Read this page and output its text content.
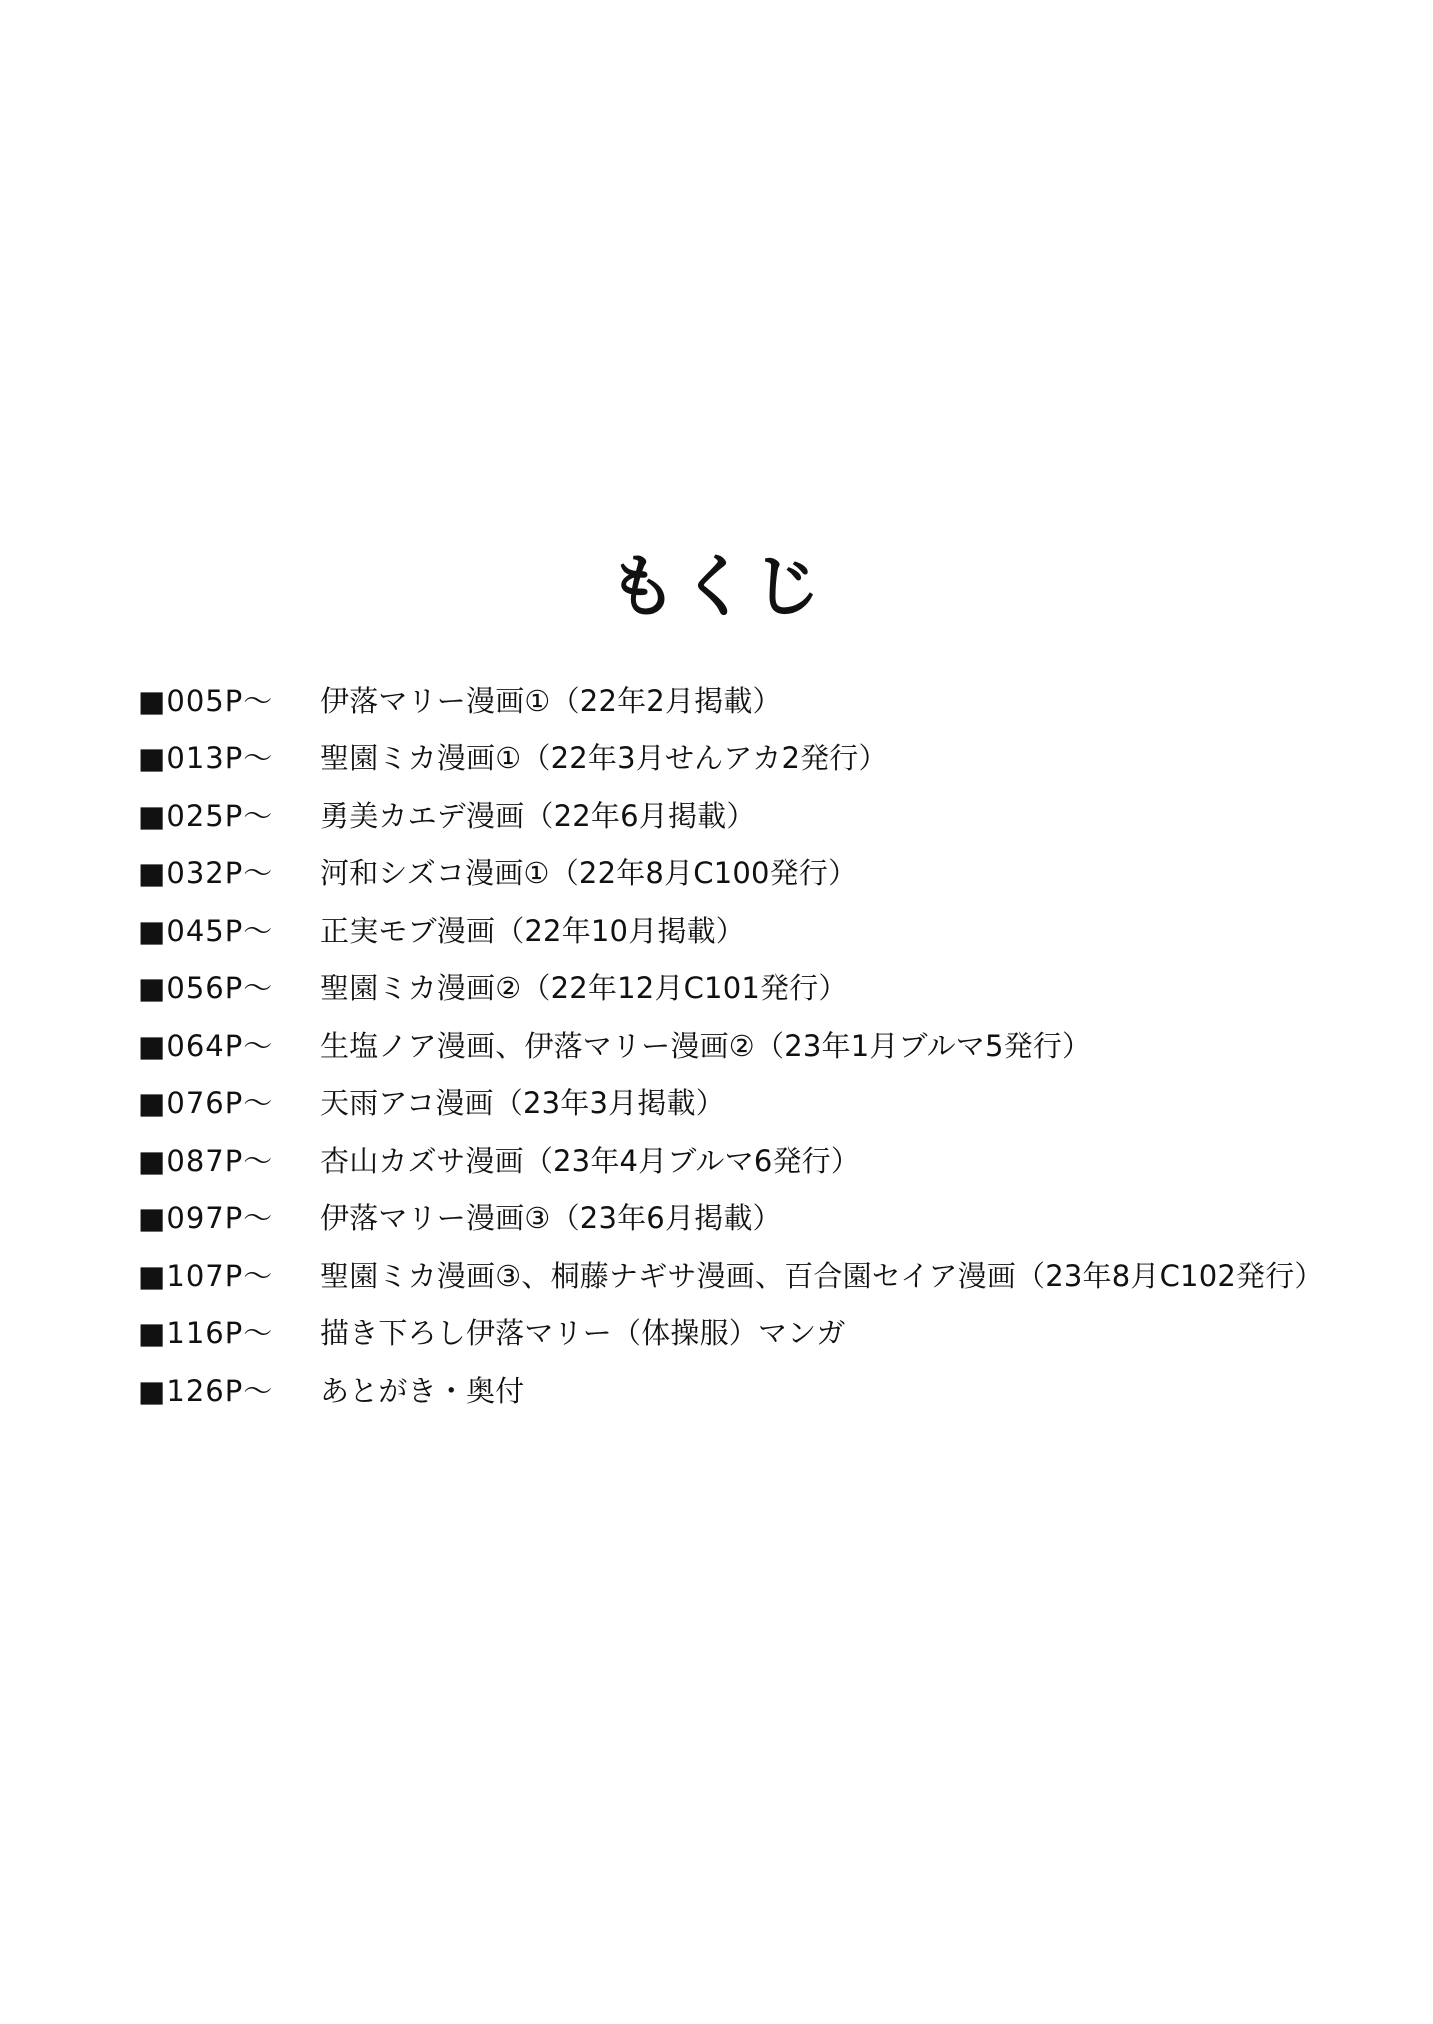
もくじ
■005P～	伊落マリー漫画①（22年2月掲載）
■013P～	聖園ミカ漫画①（22年3月せんアカ2発行）
■025P～	勇美カエデ漫画（22年6月掲載）
■032P～	河和シズコ漫画①（22年8月C100発行）
■045P～	正実モブ漫画（22年10月掲載）
■056P～	聖園ミカ漫画②（22年12月C101発行）
■064P～	生塩ノア漫画、伊落マリー漫画②（23年1月ブルマ5発行）
■076P～	天雨アコ漫画（23年3月掲載）
■087P～	杏山カズサ漫画（23年4月ブルマ6発行）
■097P～	伊落マリー漫画③（23年6月掲載）
■107P～	聖園ミカ漫画③、桐藤ナギサ漫画、百合園セイア漫画（23年8月C102発行）
■116P～	描き下ろし伊落マリー（体操服）マンガ
■126P～	あとがき・奥付
